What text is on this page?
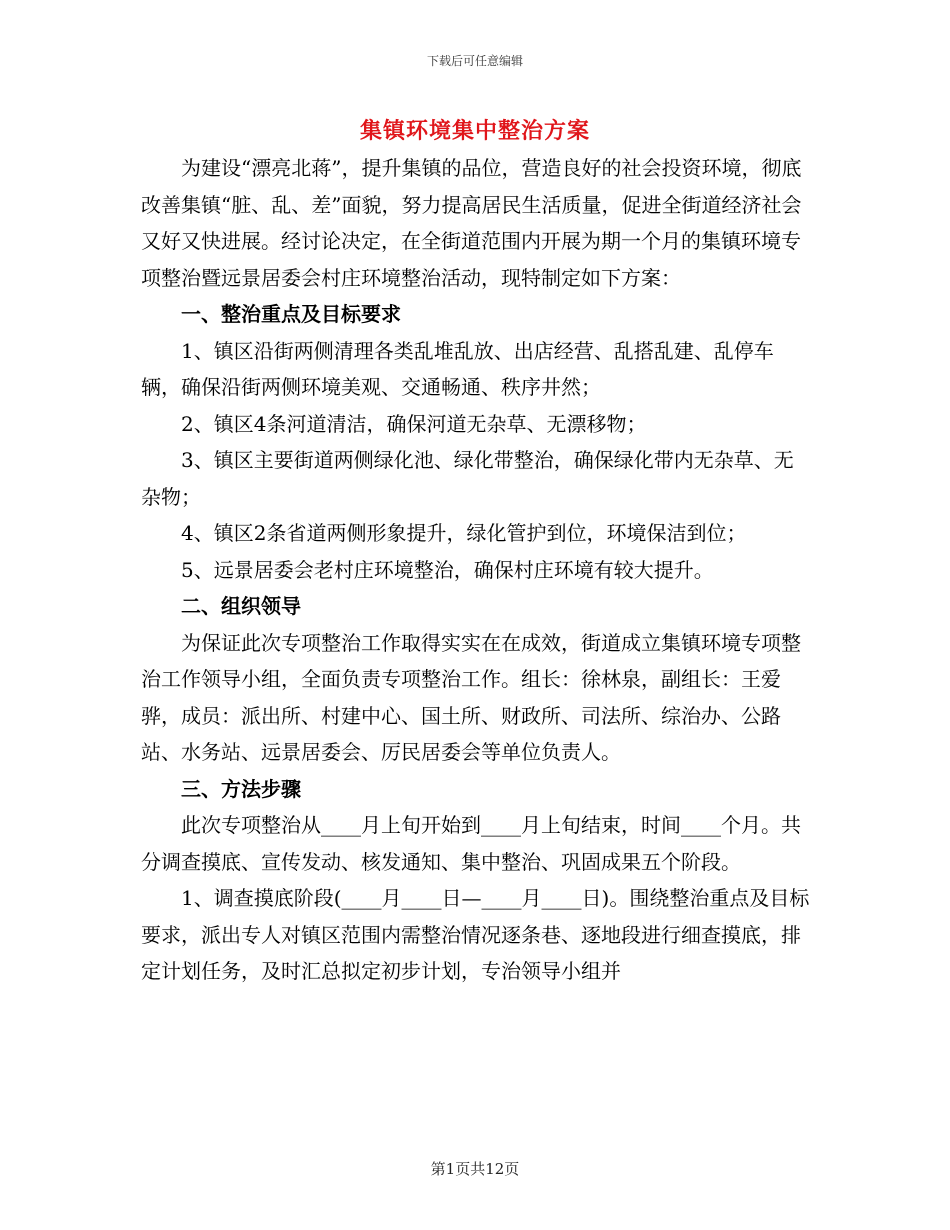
下载后可任意编辑
集镇环境集中整治方案

为建设“漂亮北蒋”，提升集镇的品位，营造良好的社会投资环境，彻底改善集镇“脏、乱、差”面貌，努力提高居民生活质量，促进全街道经济社会又好又快进展。经讨论决定，在全街道范围内开展为期一个月的集镇环境专项整治暨远景居委会村庄环境整治活动，现特制定如下方案：

一、整治重点及目标要求

1、镇区沿街两侧清理各类乱堆乱放、出店经营、乱搭乱建、乱停车辆，确保沿街两侧环境美观、交通畅通、秩序井然；

2、镇区4条河道清洁，确保河道无杂草、无漂移物；

3、镇区主要街道两侧绿化池、绿化带整治，确保绿化带内无杂草、无杂物；

4、镇区2条省道两侧形象提升，绿化管护到位，环境保洁到位；

5、远景居委会老村庄环境整治，确保村庄环境有较大提升。

二、组织领导

为保证此次专项整治工作取得实实在在成效，街道成立集镇环境专项整治工作领导小组，全面负责专项整治工作。组长：徐林泉，副组长：王爱骅，成员：派出所、村建中心、国土所、财政所、司法所、综治办、公路站、水务站、远景居委会、厉民居委会等单位负责人。

三、方法步骤

此次专项整治从____月上旬开始到____月上旬结束，时间____个月。共分调查摸底、宣传发动、核发通知、集中整治、巩固成果五个阶段。

1、调查摸底阶段(____月____日—____月____日)。围绕整治重点及目标要求，派出专人对镇区范围内需整治情况逐条巷、逐地段进行细查摸底，排定计划任务，及时汇总拟定初步计划，专治领导小组并

第1页共12页
